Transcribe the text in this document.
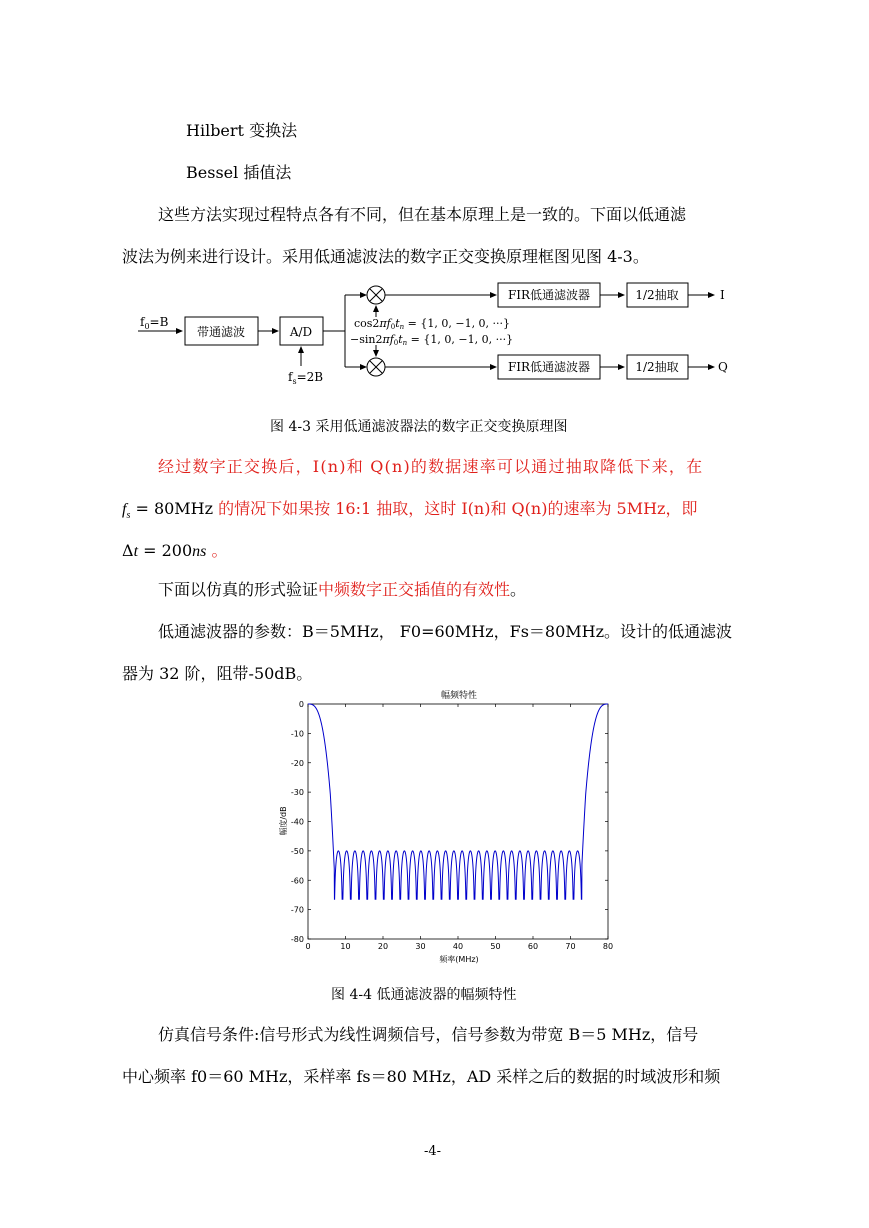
Hilbert 变换法
Bessel 插值法
这些方法实现过程特点各有不同，但在基本原理上是一致的。下面以低通滤
波法为例来进行设计。采用低通滤波法的数字正交变换原理框图见图 4-3。
$f_0=B$
带通滤波	A/D
$f_s=2B$
cos2πf0tn = {1, 0, −1, 0, ···}
−sin2πf0tn = {1, 0, −1, 0, ···}
FIR低通滤波器
FIR低通滤波器
1/2抽取
1/2抽取
I
Q
图 4-3 采用低通滤波器法的数字正交变换原理图
经过数字正交换后，I(n)和 Q(n)的数据速率可以通过抽取降低下来，在
$f_s = 80MHz$ 的情况下如果按 16:1 抽取，这时 I(n)和 Q(n)的速率为 5MHz，即
Δt = 200ns 。
下面以仿真的形式验证中频数字正交插值的有效性。
低通滤波器的参数：B＝5MHz， F0=60MHz，Fs＝80MHz。设计的低通滤波
器为 32 阶，阻带-50dB。
幅频特性
0	10	20	30	40	50	60	70	80
0
-10
-20
-30
-40
-50
-60
-70
-80
频率(MHz)
幅度/dB
图 4-4 低通滤波器的幅频特性
仿真信号条件:信号形式为线性调频信号，信号参数为带宽 B＝5 MHz，信号
中心频率 f0＝60 MHz，采样率 fs＝80 MHz，AD 采样之后的数据的时域波形和频
-4-
